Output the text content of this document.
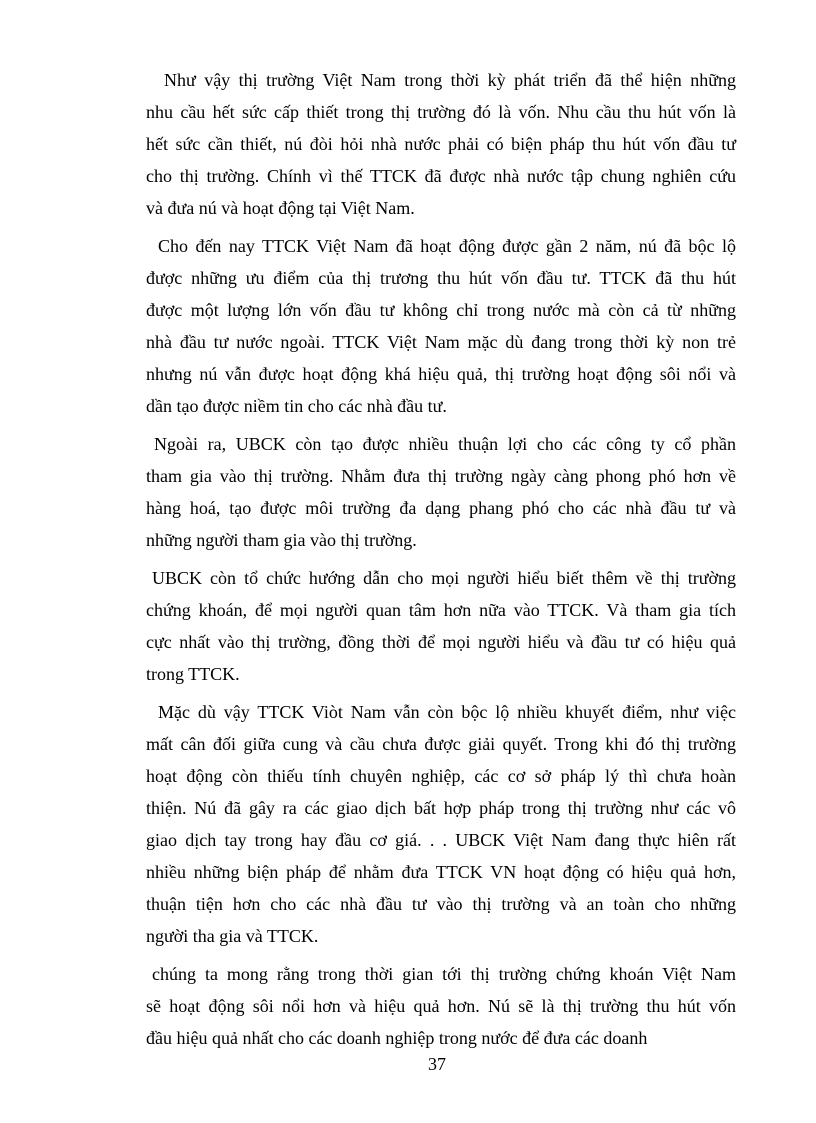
Như vậy thị trường Việt Nam trong thời kỳ phát triển đã thể hiện những
nhu cầu hết sức cấp thiết trong thị trường đó là vốn. Nhu cầu thu hút vốn là
hết sức cần thiết, nú đòi hỏi nhà nước phải có biện pháp thu hút vốn đầu tư
cho thị trường. Chính vì thế TTCK đã được nhà nước tập chung nghiên cứu
và đưa nú và hoạt động tại Việt Nam.
Cho đến nay TTCK Việt Nam đã hoạt động được gần 2 năm, nú đã bộc lộ
được những ưu điểm của thị trương thu hút vốn đầu tư. TTCK đã thu hút
được một lượng lớn vốn đầu tư không chỉ trong nước mà còn cả từ những
nhà đầu tư nước ngoài. TTCK Việt Nam mặc dù đang trong thời kỳ non trẻ
nhưng nú vẫn được hoạt động khá hiệu quả, thị trường hoạt động sôi nổi và
dần tạo được niềm tin cho các nhà đầu tư.
Ngoài ra, UBCK còn tạo được nhiều thuận lợi cho các công ty cổ phần
tham gia vào thị trường. Nhằm đưa thị trường ngày càng phong phó hơn về
hàng hoá, tạo được môi trường đa dạng phang phó cho các nhà đầu tư và
những người tham gia vào thị trường.
UBCK còn tổ chức hướng dẫn cho mọi người hiểu biết thêm về thị trường
chứng khoán, để mọi người quan tâm hơn nữa vào TTCK. Và tham gia tích
cực nhất vào thị trường, đồng thời để mọi người hiểu và đầu tư có hiệu quả
trong TTCK.
Mặc dù vậy TTCK Viòt Nam vẫn còn bộc lộ nhiều khuyết điểm, như việc
mất cân đối giữa cung và cầu chưa được giải quyết. Trong khi đó thị trường
hoạt động còn thiếu tính chuyên nghiệp, các cơ sở pháp lý thì chưa hoàn
thiện. Nú đã gây ra các giao dịch bất hợp pháp trong thị trường như các vô
giao dịch tay trong hay đầu cơ giá. . . UBCK Việt Nam đang thực hiên rất
nhiều những biện pháp để nhằm đưa TTCK VN hoạt động có hiệu quả hơn,
thuận tiện hơn cho các nhà đầu tư vào thị trường và an toàn cho những
người tha gia và TTCK.
chúng ta mong rằng trong thời gian tới thị trường chứng khoán Việt Nam
sẽ hoạt động sôi nổi hơn và hiệu quả hơn. Nú sẽ là thị trường thu hút vốn
đầu hiệu quả nhất cho các doanh nghiệp trong nước để đưa các doanh
37
